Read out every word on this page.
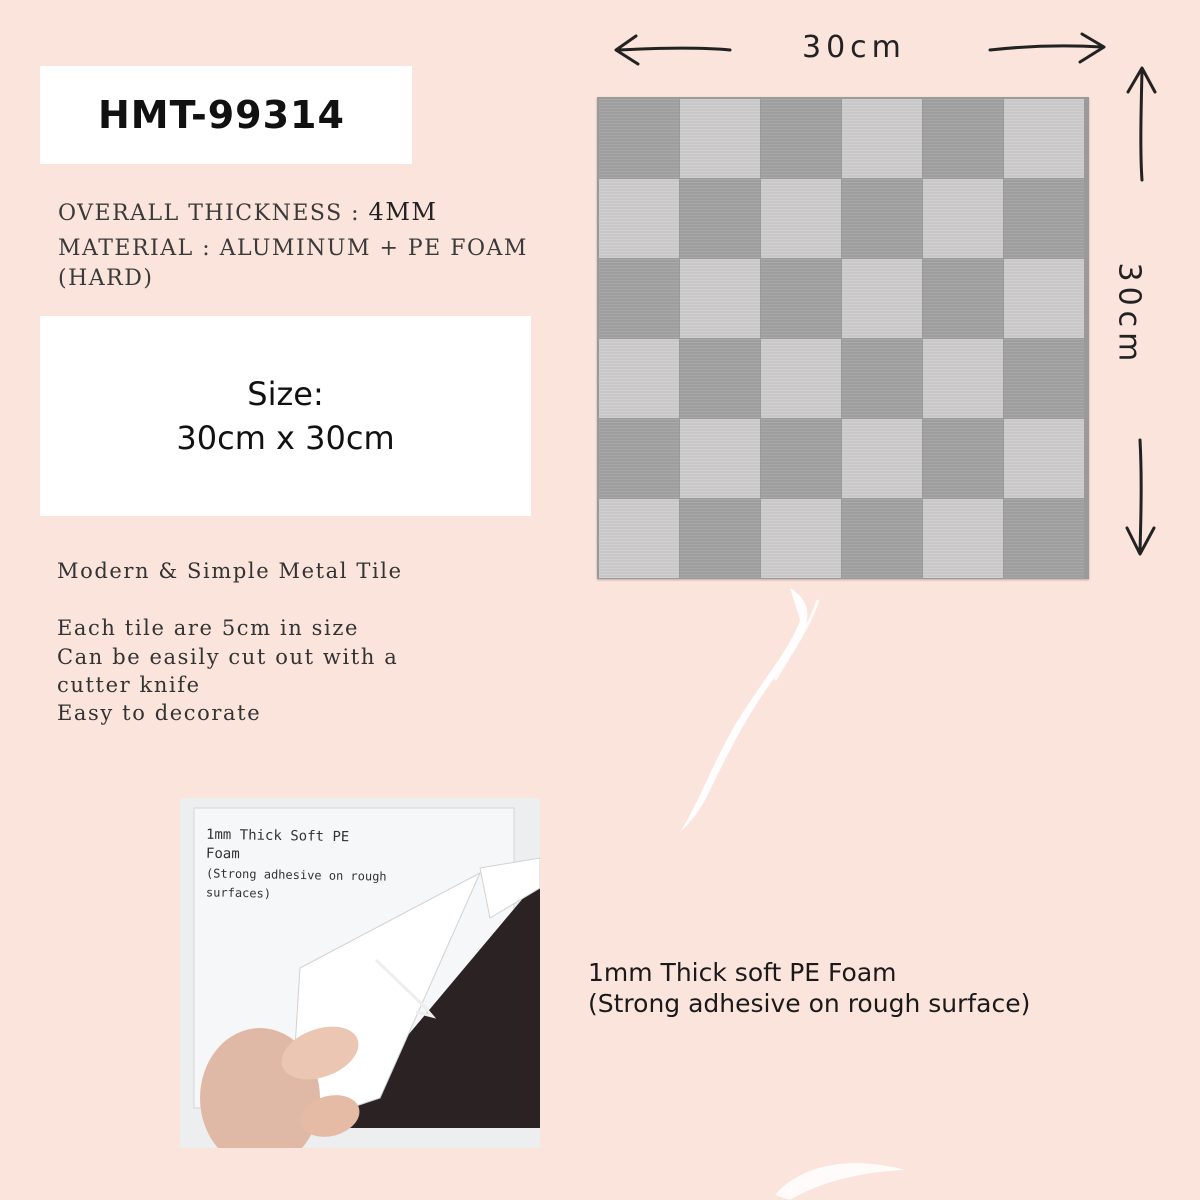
HMT-99314
OVERALL THICKNESS : 4MM
MATERIAL : ALUMINUM + PE FOAM
(HARD)
Size:
30cm x 30cm
Modern & Simple Metal Tile
Each tile are 5cm in size
Can be easily cut out with a
cutter knife
Easy to decorate
30cm
30cm
1mm Thick Soft PE
Foam
(Strong adhesive on rough
surfaces)
1mm Thick soft PE Foam
(Strong adhesive on rough surface)
